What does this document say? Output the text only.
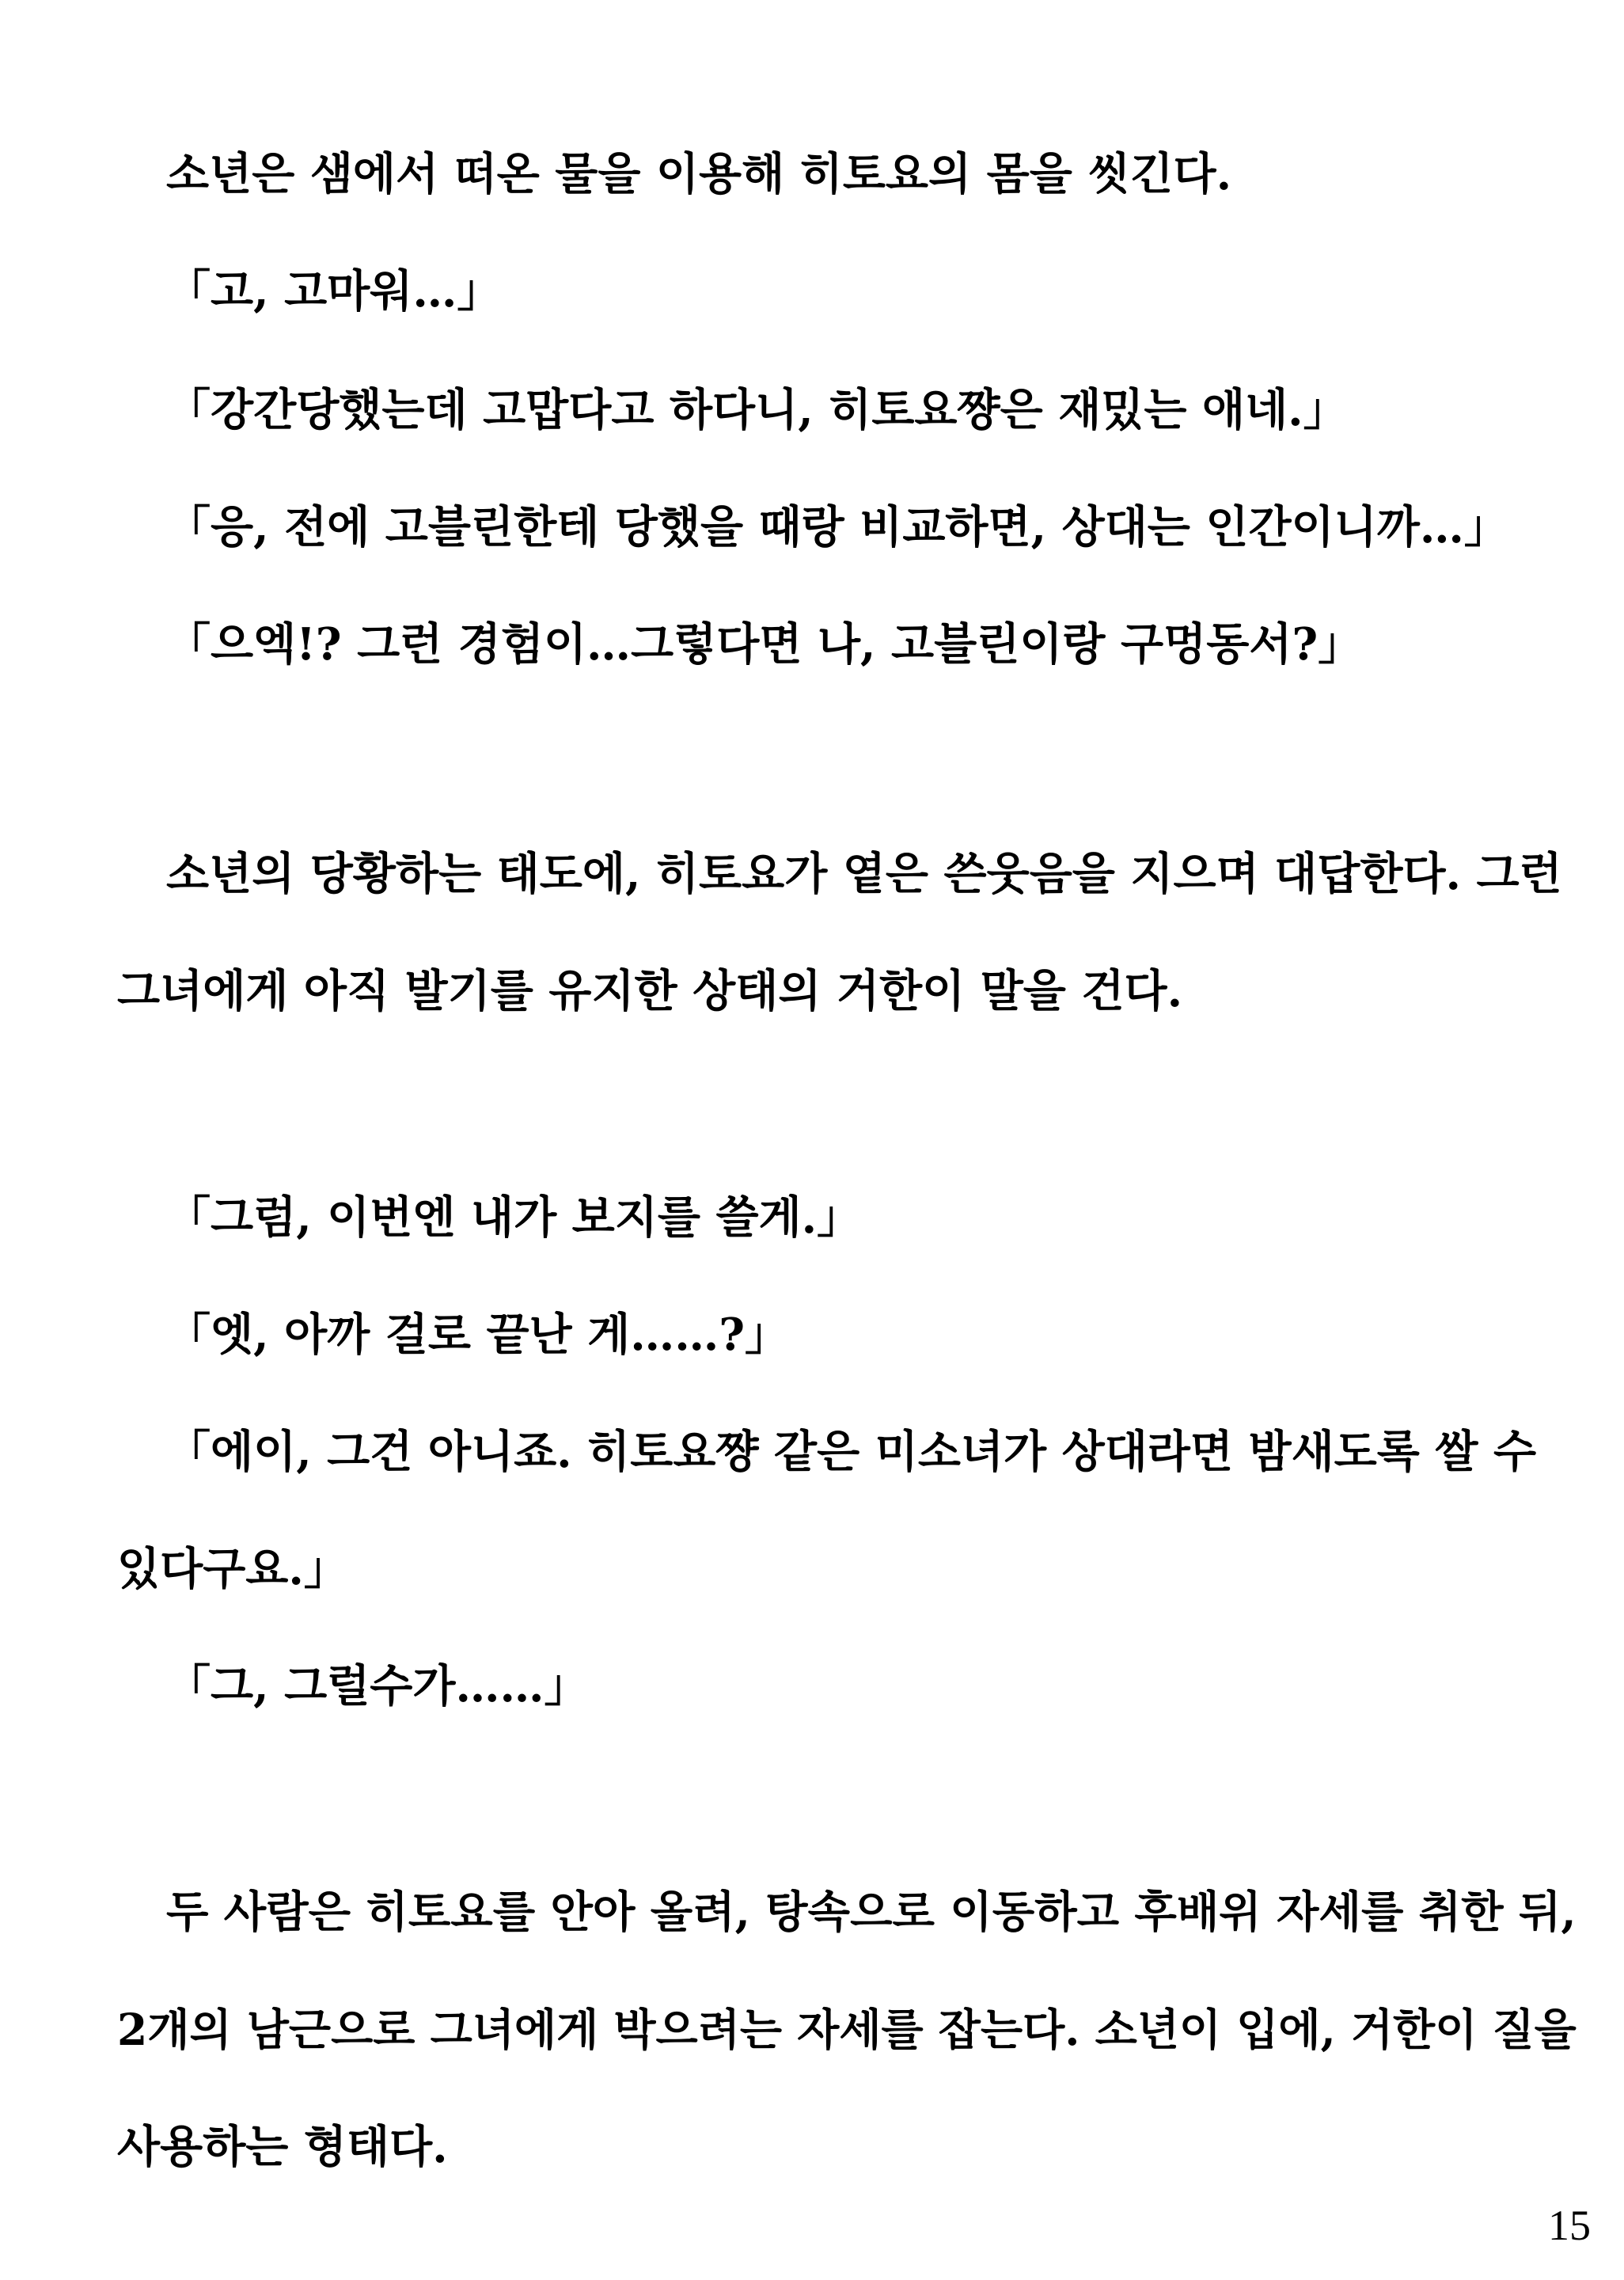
소년은 샘에서 떠온 물을 이용해 히토요의 몸을 씻긴다.

「고, 고마워…」

「강간당했는데 고맙다고 하다니, 히토요쨩은 재밌는 애네.」

「응, 전에 고블린한테 당했을 때랑 비교하면, 상대는 인간이니까…」

「으엑!? 그런 경험이…그렇다면 나, 고블린이랑 구멍동서?」

소년의 당황하는 태도에, 히토요가 옅은 쓴웃음을 지으며 대답한다. 그런

그녀에게 아직 발기를 유지한 상태의 거한이 말을 건다.

「그럼, 이번엔 내가 보지를 쓸게.」

「엣, 아까 걸로 끝난 게……?」

「에이, 그건 아니죠. 히토요쨩 같은 미소녀가 상대라면 밤새도록 쌀 수

있다구요.」

「그, 그럴수가……」

두 사람은 히토요를 안아 올려, 탕속으로 이동하고 후배위 자세를 취한 뒤,

2개의 남근으로 그녀에게 박으려는 자세를 잡는다. 소년이 입에, 거한이 질을

사용하는 형태다.

15
